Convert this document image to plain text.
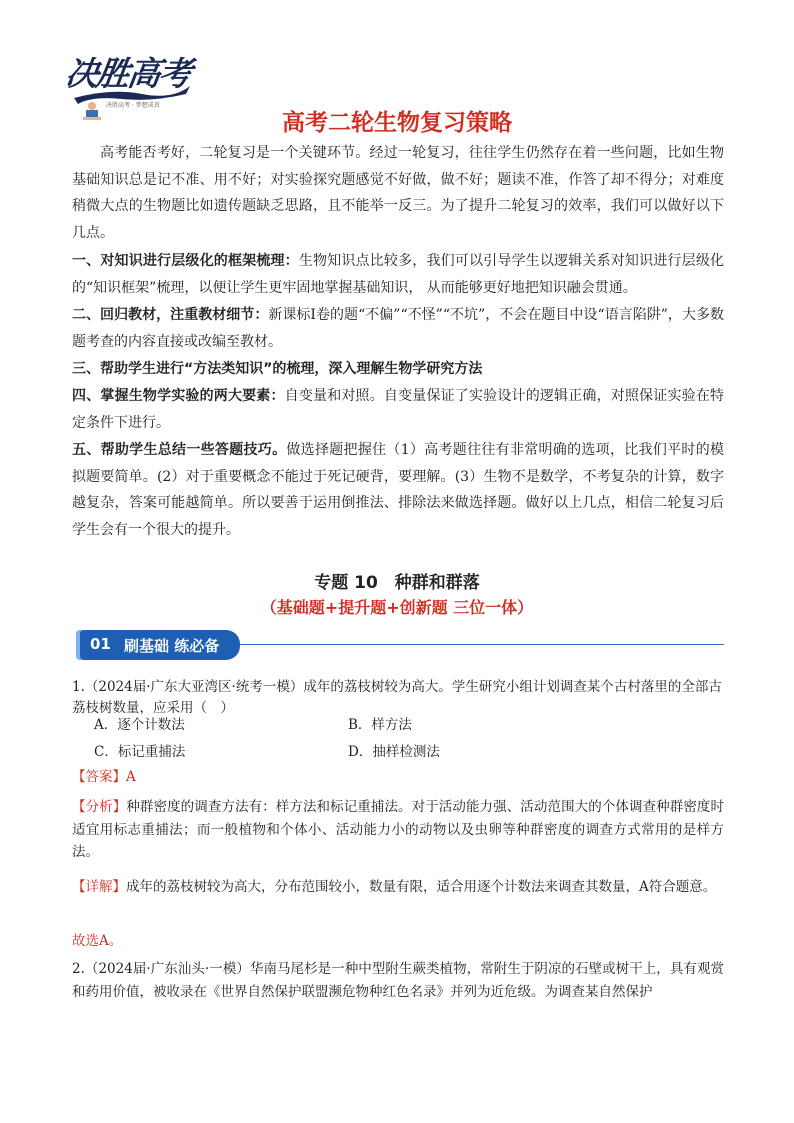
决胜高考
决胜高考 · 梦想成真
高考二轮生物复习策略

高考能否考好，二轮复习是一个关键环节。经过一轮复习，往往学生仍然存在着一些问题，比如生物基础知识总是记不准、用不好；对实验探究题感觉不好做，做不好；题读不准，作答了却不得分；对难度稍微大点的生物题比如遗传题缺乏思路，且不能举一反三。为了提升二轮复习的效率，我们可以做好以下几点。

一、对知识进行层级化的框架梳理：生物知识点比较多，我们可以引导学生以逻辑关系对知识进行层级化的“知识框架”梳理，以便让学生更牢固地掌握基础知识， 从而能够更好地把知识融会贯通。

二、回归教材，注重教材细节：新课标Ⅰ卷的题“不偏”“不怪”“不坑”，不会在题目中设“语言陷阱”，大多数题考查的内容直接或改编至教材。

三、帮助学生进行“方法类知识”的梳理，深入理解生物学研究方法

四、掌握生物学实验的两大要素：自变量和对照。自变量保证了实验设计的逻辑正确，对照保证实验在特定条件下进行。

五、帮助学生总结一些答题技巧。做选择题把握住（1）高考题往往有非常明确的选项，比我们平时的模拟题要简单。(2）对于重要概念不能过于死记硬背，要理解。(3）生物不是数学，不考复杂的计算，数字越复杂，答案可能越简单。所以要善于运用倒推法、排除法来做选择题。做好以上几点，相信二轮复习后学生会有一个很大的提升。

专题 10　种群和群落
（基础题+提升题+创新题 三位一体）
01 刷基础 练必备

1.（2024届·广东大亚湾区·统考一模）成年的荔枝树较为高大。学生研究小组计划调查某个古村落里的全部古荔枝树数量，应采用（　）

A．逐个计数法	B．样方法
C．标记重捕法	D．抽样检测法

【答案】A

【分析】种群密度的调查方法有：样方法和标记重捕法。对于活动能力强、活动范围大的个体调查种群密度时适宜用标志重捕法；而一般植物和个体小、活动能力小的动物以及虫卵等种群密度的调查方式常用的是样方法。

【详解】成年的荔枝树较为高大，分布范围较小，数量有限，适合用逐个计数法来调查其数量，A符合题意。

故选A。

2.（2024届·广东汕头·一模）华南马尾杉是一种中型附生蕨类植物，常附生于阴凉的石壁或树干上，具有观赏和药用价值，被收录在《世界自然保护联盟濒危物种红色名录》并列为近危级。为调查某自然保护
